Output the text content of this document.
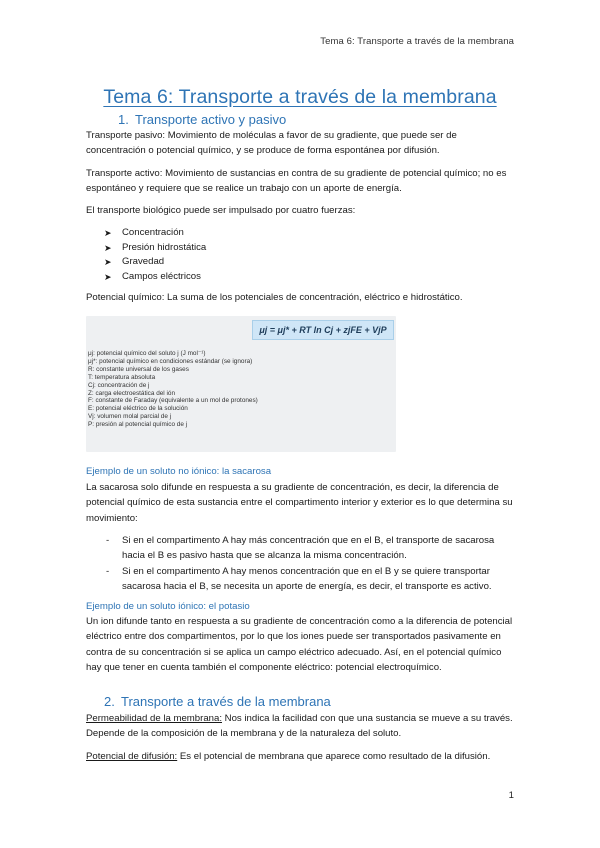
Tema 6: Transporte a través de la membrana
Tema 6: Transporte a través de la membrana
1. Transporte activo y pasivo
Transporte pasivo: Movimiento de moléculas a favor de su gradiente, que puede ser de concentración o potencial químico, y se produce de forma espontánea por difusión.
Transporte activo: Movimiento de sustancias en contra de su gradiente de potencial químico; no es espontáneo y requiere que se realice un trabajo con un aporte de energía.
El transporte biológico puede ser impulsado por cuatro fuerzas:
➤ Concentración
➤ Presión hidrostática
➤ Gravedad
➤ Campos eléctricos
Potencial químico: La suma de los potenciales de concentración, eléctrico e hidrostático.
μj = μj* + RT ln Cj + zjFE + VjP
μj: potencial químico del soluto j (J mol⁻¹)
μj*: potencial químico en condiciones estándar (se ignora)
R: constante universal de los gases
T: temperatura absoluta
Cj: concentración de j
Z: carga electroestática del ión
F: constante de Faraday (equivalente a un mol de protones)
E: potencial eléctrico de la solución
Vj: volumen molal parcial de j
P: presión al potencial químico de j
Ejemplo de un soluto no iónico: la sacarosa
La sacarosa solo difunde en respuesta a su gradiente de concentración, es decir, la diferencia de potencial químico de esta sustancia entre el compartimento interior y exterior es lo que determina su movimiento:
- Si en el compartimento A hay más concentración que en el B, el transporte de sacarosa hacia el B es pasivo hasta que se alcanza la misma concentración.
- Si en el compartimento A hay menos concentración que en el B y se quiere transportar sacarosa hacia el B, se necesita un aporte de energía, es decir, el transporte es activo.
Ejemplo de un soluto iónico: el potasio
Un ion difunde tanto en respuesta a su gradiente de concentración como a la diferencia de potencial eléctrico entre dos compartimentos, por lo que los iones puede ser transportados pasivamente en contra de su concentración si se aplica un campo eléctrico adecuado. Así, en el potencial químico hay que tener en cuenta también el componente eléctrico: potencial electroquímico.
2. Transporte a través de la membrana
Permeabilidad de la membrana: Nos indica la facilidad con que una sustancia se mueve a su través. Depende de la composición de la membrana y de la naturaleza del soluto.
Potencial de difusión: Es el potencial de membrana que aparece como resultado de la difusión.
1
